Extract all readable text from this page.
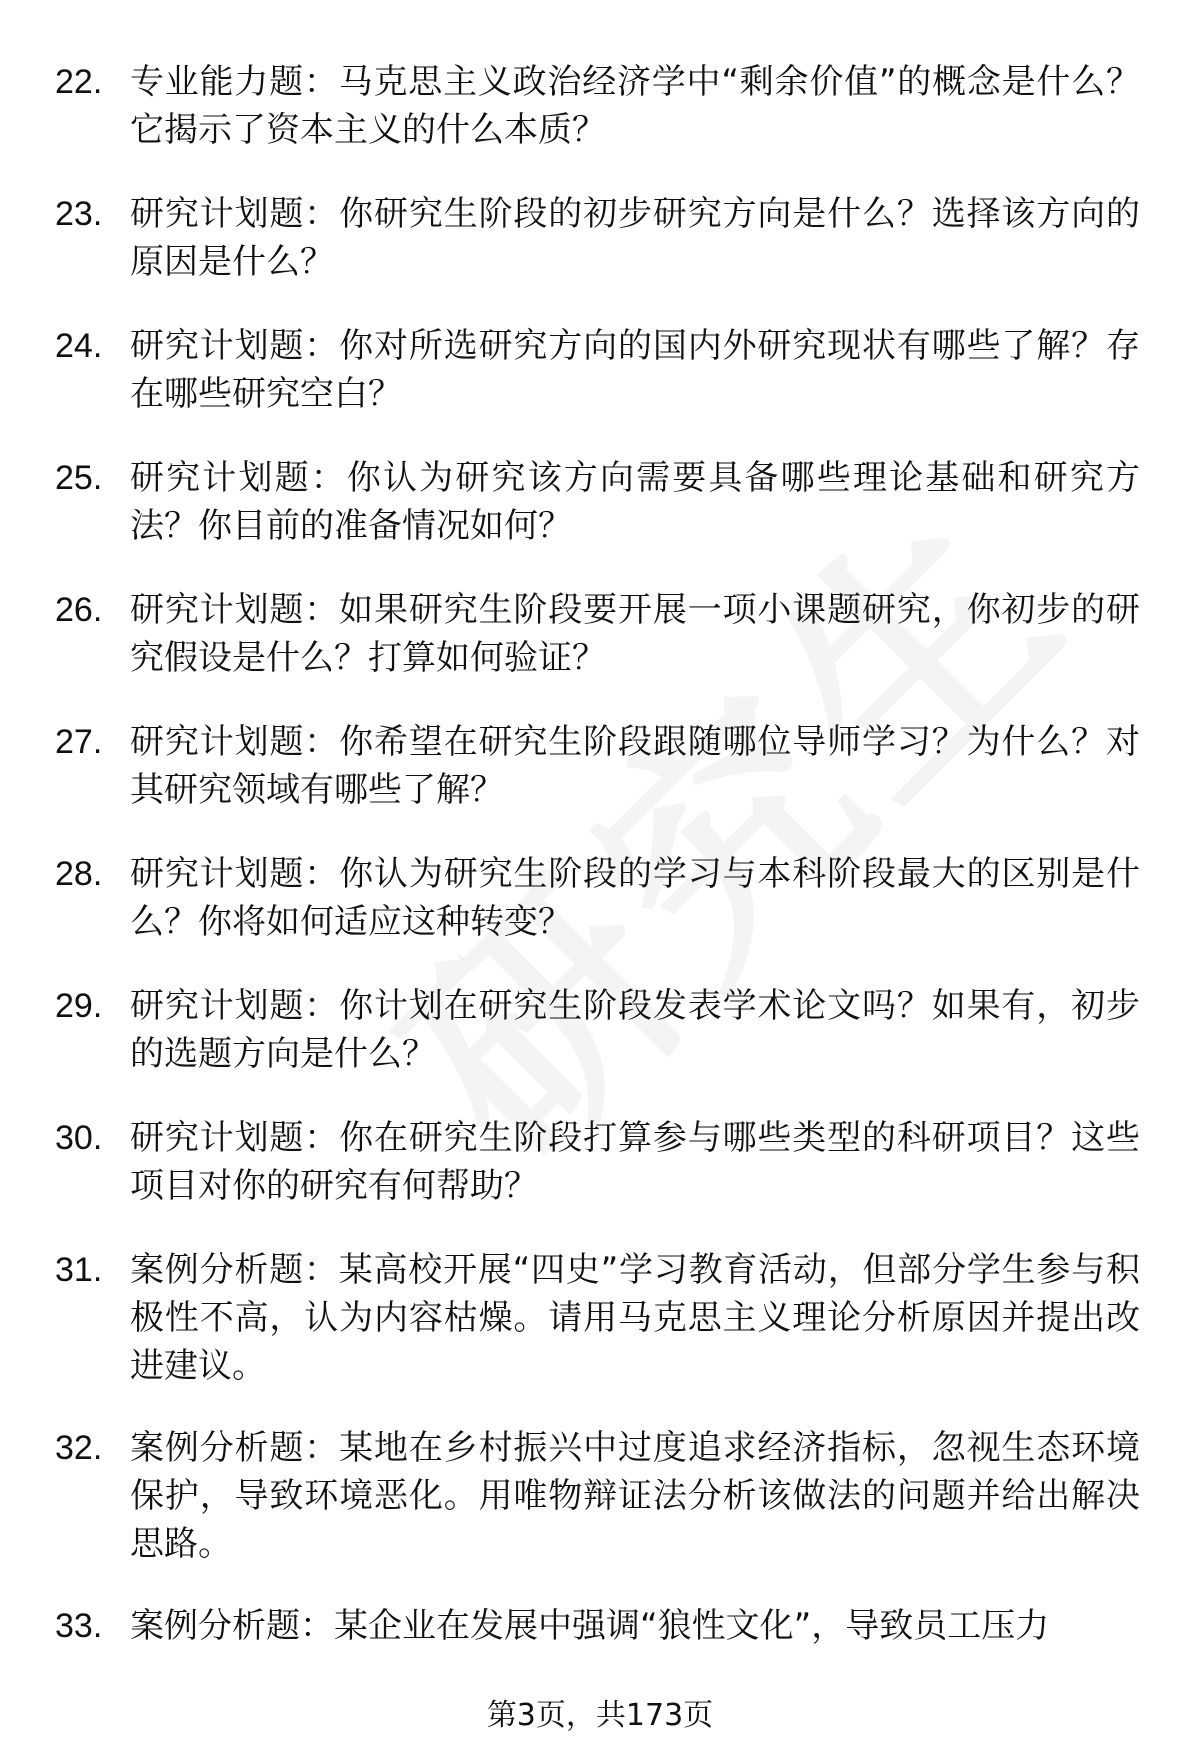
22. 专业能力题：马克思主义政治经济学中“剩余价值”的概念是什么？它揭示了资本主义的什么本质？
23. 研究计划题：你研究生阶段的初步研究方向是什么？选择该方向的原因是什么？
24. 研究计划题：你对所选研究方向的国内外研究现状有哪些了解？存在哪些研究空白？
25. 研究计划题：你认为研究该方向需要具备哪些理论基础和研究方法？你目前的准备情况如何？
26. 研究计划题：如果研究生阶段要开展一项小课题研究，你初步的研究假设是什么？打算如何验证？
27. 研究计划题：你希望在研究生阶段跟随哪位导师学习？为什么？对其研究领域有哪些了解？
28. 研究计划题：你认为研究生阶段的学习与本科阶段最大的区别是什么？你将如何适应这种转变？
29. 研究计划题：你计划在研究生阶段发表学术论文吗？如果有，初步的选题方向是什么？
30. 研究计划题：你在研究生阶段打算参与哪些类型的科研项目？这些项目对你的研究有何帮助？
31. 案例分析题：某高校开展“四史”学习教育活动，但部分学生参与积极性不高，认为内容枯燥。请用马克思主义理论分析原因并提出改进建议。
32. 案例分析题：某地在乡村振兴中过度追求经济指标，忽视生态环境保护，导致环境恶化。用唯物辩证法分析该做法的问题并给出解决思路。
33. 案例分析题：某企业在发展中强调“狼性文化”，导致员工压力
第3页，共173页
